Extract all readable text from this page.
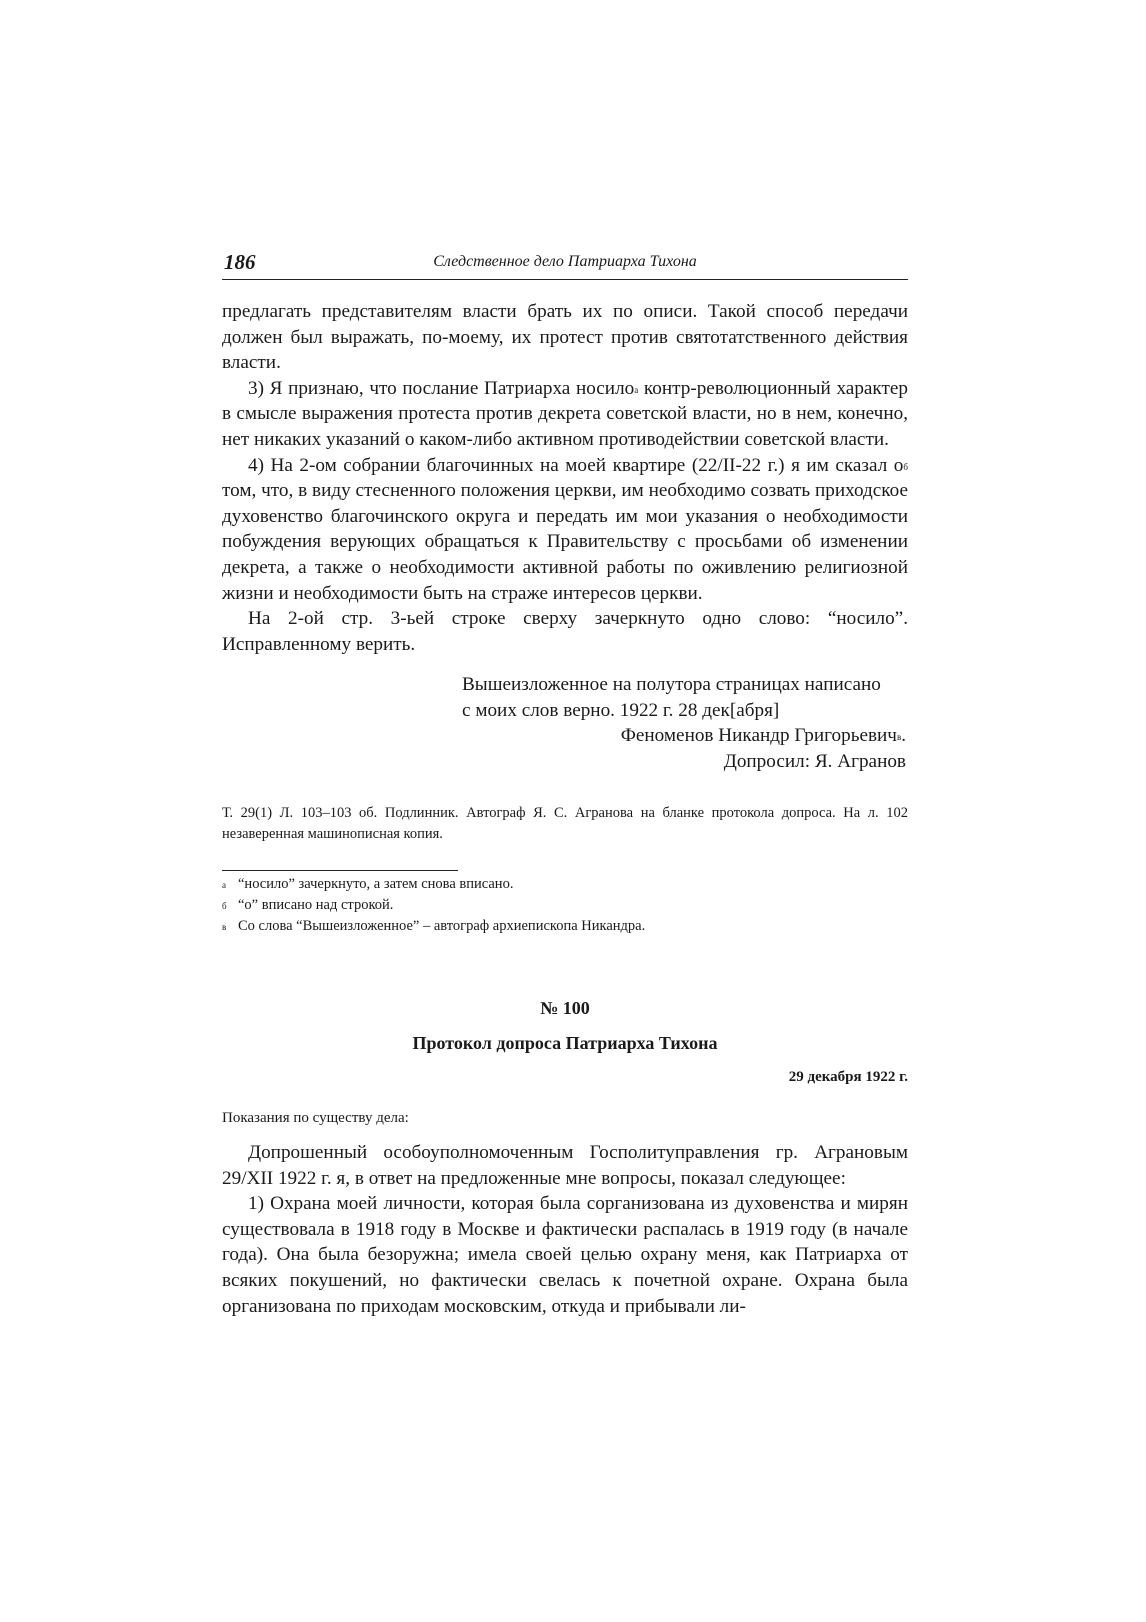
186	Следственное дело Патриарха Тихона

предлагать представителям власти брать их по описи. Такой способ передачи должен был выражать, по-моему, их протест против святотатственного действия власти.

3) Я признаю, что послание Патриарха носило$^а$ контр-революционный характер в смысле выражения протеста против декрета советской власти, но в нем, конечно, нет никаких указаний о каком-либо активном противодействии советской власти.

4) На 2-ом собрании благочинных на моей квартире (22/II-22 г.) я им сказал $о^б$ том, что, в виду стесненного положения церкви, им необходимо созвать приходское духовенство благочинского округа и передать им мои указания о необходимости побуждения верующих обращаться к Правительству с просьбами об изменении декрета, а также о необходимости активной работы по оживлению религиозной жизни и необходимости быть на страже интересов церкви.

На 2-ой стр. 3-ьей строке сверху зачеркнуто одно слово: “носило”. Исправленному верить.

Вышеизложенное на полутора страницах написано
с моих слов верно. 1922 г. 28 дек[абря]
Феноменов Никандр Григорьевич$^в$.
Допросил: Я. Агранов
Т. 29(1) Л. 103–103 об. Подлинник. Автограф Я. С. Агранова на бланке протокола допроса. На л. 102 незаверенная машинописная копия.
а “носило” зачеркнуто, а затем снова вписано.
б “о” вписано над строкой.
в Со слова “Вышеизложенное” – автограф архиепископа Никандра.
№ 100
Протокол допроса Патриарха Тихона
29 декабря 1922 г.
Показания по существу дела:

Допрошенный особоуполномоченным Госполитуправления гр. Аграновым 29/XII 1922 г. я, в ответ на предложенные мне вопросы, показал следующее:

1) Охрана моей личности, которая была сорганизована из духовенства и мирян существовала в 1918 году в Москве и фактически распалась в 1919 году (в начале года). Она была безоружна; имела своей целью охрану меня, как Патриарха от всяких покушений, но фактически свелась к почетной охране. Охрана была организована по приходам московским, откуда и прибывали ли-
